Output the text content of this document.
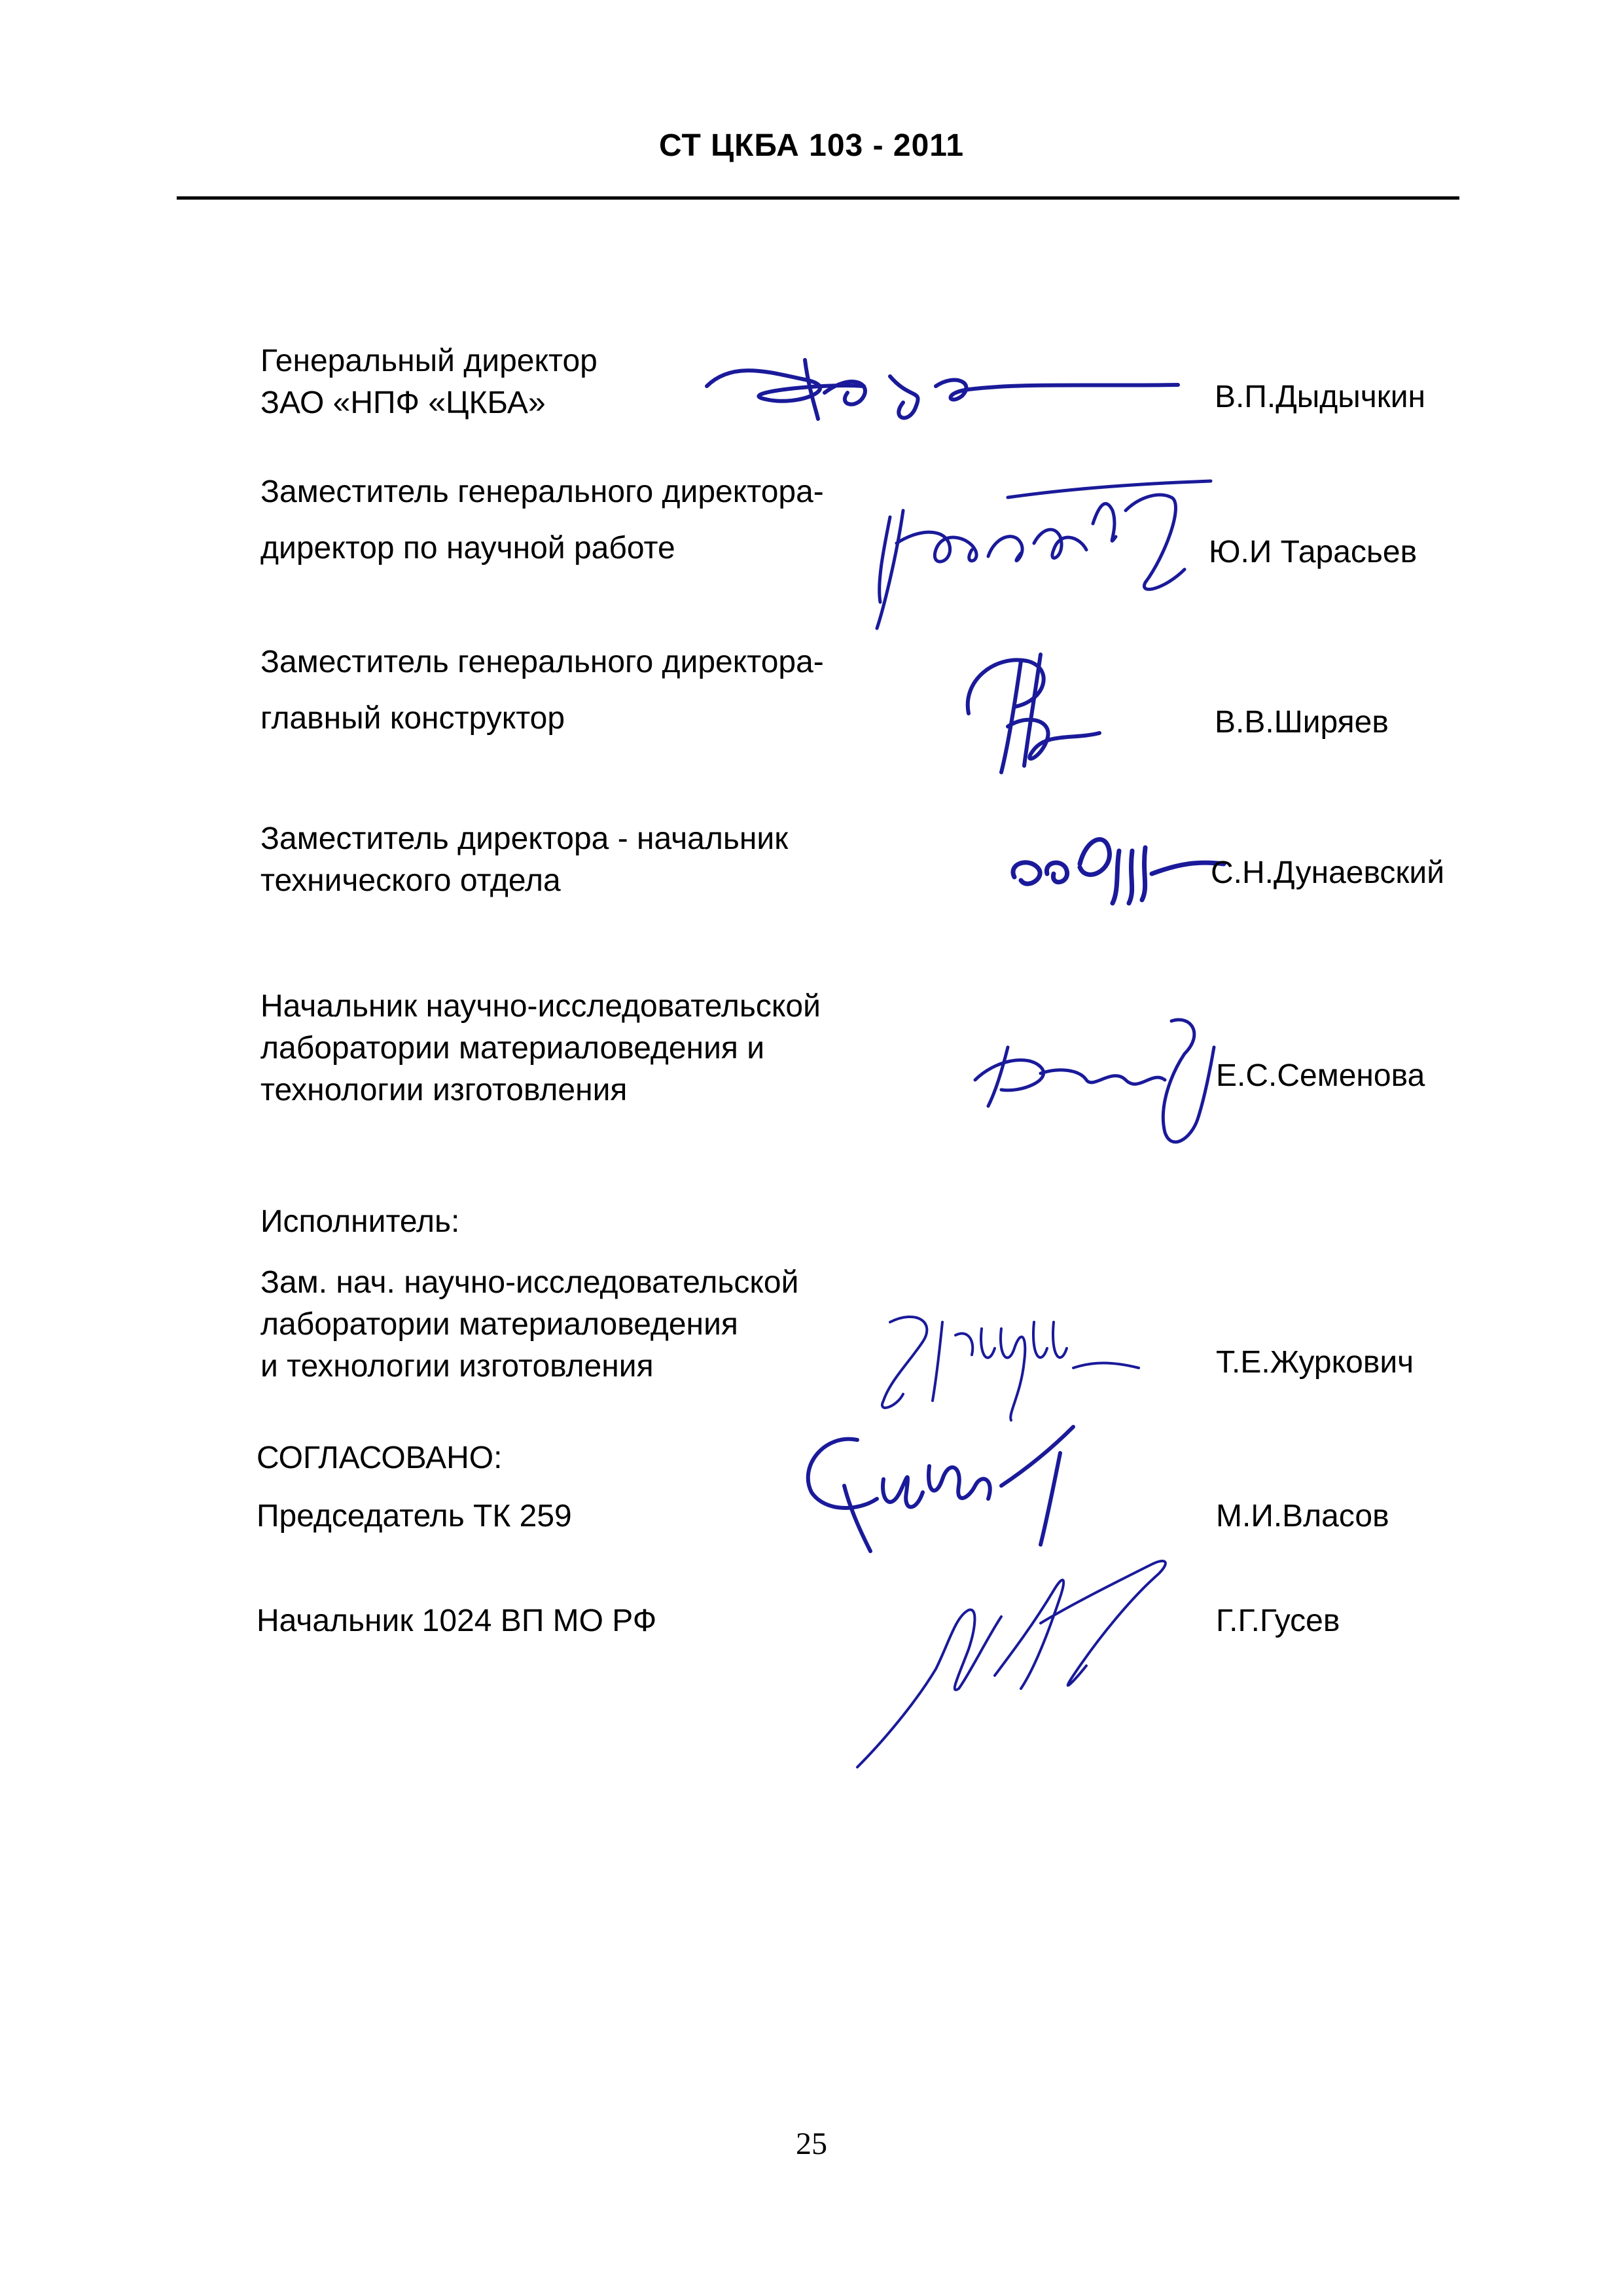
СТ ЦКБА 103 - 2011
Генеральный директор
ЗАО «НПФ «ЦКБА»	В.П.Дыдычкин
Заместитель генерального директора-
директор по научной работе	Ю.И Тарасьев
Заместитель генерального директора-
главный конструктор	В.В.Ширяев
Заместитель директора - начальник
технического отдела	С.Н.Дунаевский
Начальник научно-исследовательской
лаборатории материаловедения и
технологии изготовления	Е.С.Семенова
Исполнитель:
Зам. нач. научно-исследовательской
лаборатории материаловедения
и технологии изготовления	Т.Е.Журкович
СОГЛАСОВАНО:
Председатель ТК 259	М.И.Власов
Начальник 1024 ВП МО РФ	Г.Г.Гусев
25
